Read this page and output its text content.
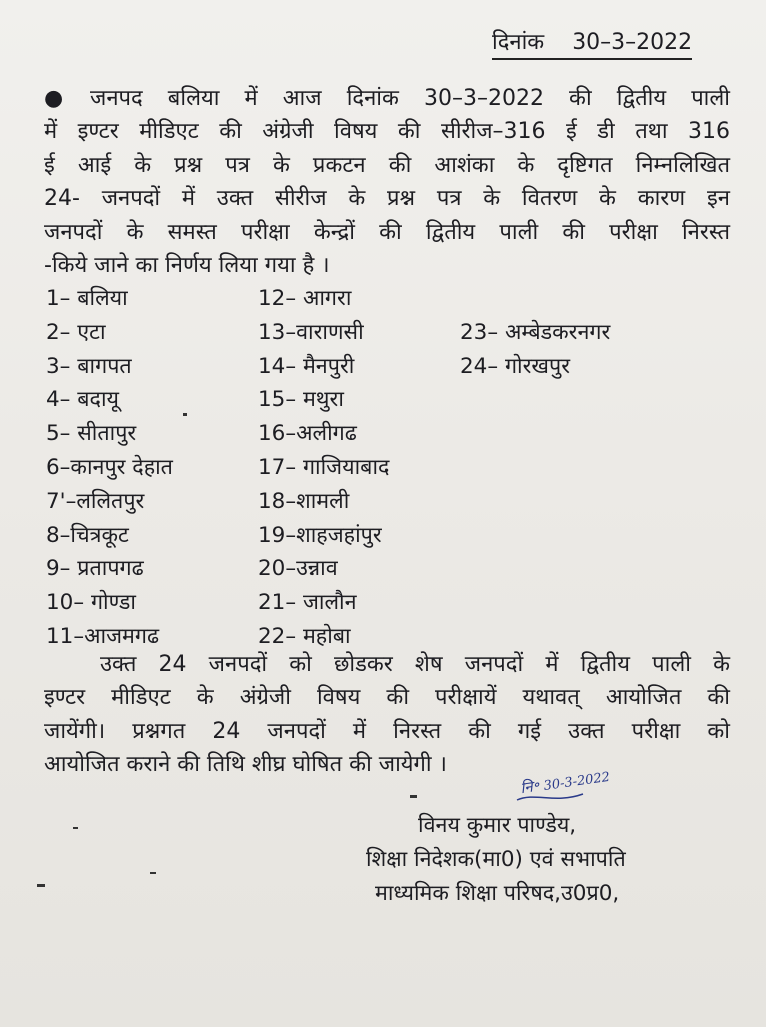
दिनांक 30–3–2022
● जनपद बलिया में आज दिनांक 30–3–2022 की द्वितीय पाली
में इण्टर मीडिएट की अंग्रेजी विषय की सीरीज–316 ई डी तथा 316
ई आई के प्रश्न पत्र के प्रकटन की आशंका के दृष्टिगत निम्नलिखित
24- जनपदों में उक्त सीरीज के प्रश्न पत्र के वितरण के कारण इन
जनपदों के समस्त परीक्षा केन्द्रों की द्वितीय पाली की परीक्षा निरस्त
-किये जाने का निर्णय लिया गया है ।
1– बलिया
2– एटा
3– बागपत
4– बदायू
5– सीतापुर
6–कानपुर देहात
7'–ललितपुर
8–चित्रकूट
9– प्रतापगढ
10– गोण्डा
11–आजमगढ
12– आगरा
13–वाराणसी
14– मैनपुरी
15– मथुरा
16–अलीगढ
17– गाजियाबाद
18–शामली
19–शाहजहांपुर
20–उन्नाव
21– जालौन
22– महोबा
23– अम्बेडकरनगर
24– गोरखपुर
उक्त 24 जनपदों को छोडकर शेष जनपदों में द्वितीय पाली के
इण्टर मीडिएट के अंग्रेजी विषय की परीक्षायें यथावत् आयोजित की
जायेंगी। प्रश्नगत 24 जनपदों में निरस्त की गई उक्त परीक्षा को
आयोजित कराने की तिथि शीघ्र घोषित की जायेगी ।
नि॰ 30-3-2022
विनय कुमार पाण्डेय,
शिक्षा निदेशक(मा0) एवं सभापति
माध्यमिक शिक्षा परिषद,उ0प्र0,
